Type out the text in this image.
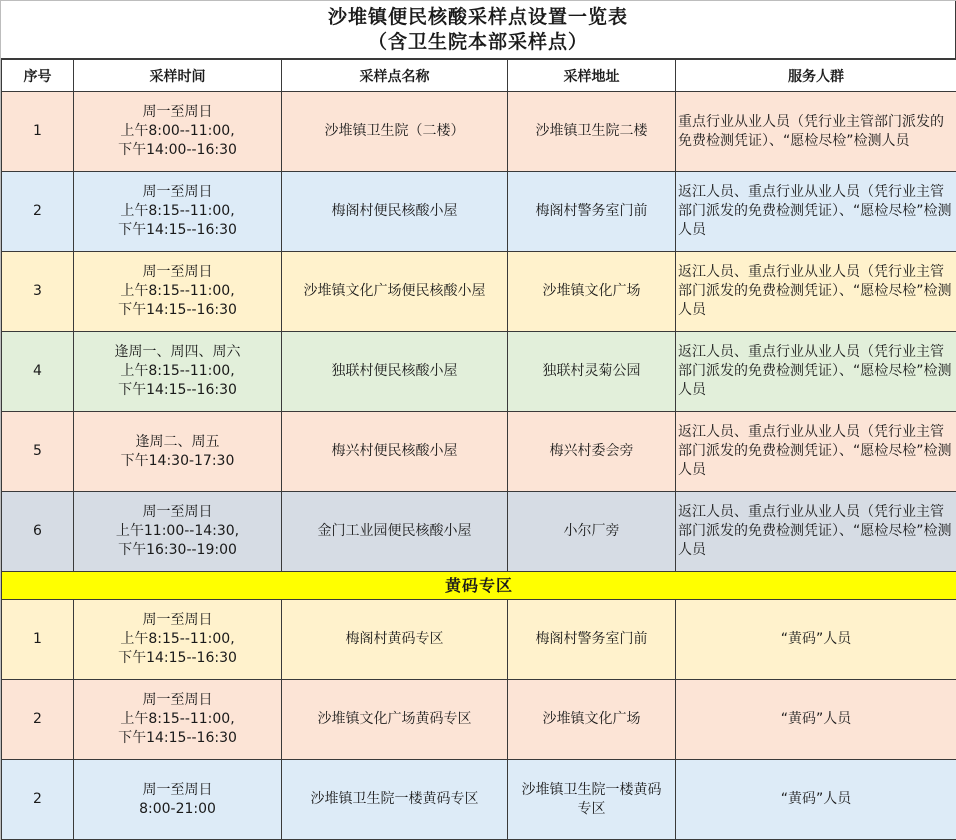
沙堆镇便民核酸采样点设置一览表
（含卫生院本部采样点）
序号	采样时间	采样点名称	采样地址	服务人群
1	周一至周日
上午8:00--11:00,
下午14:00--16:30	沙堆镇卫生院（二楼）	沙堆镇卫生院二楼	重点行业从业人员（凭行业主管部门派发的免费检测凭证）、“愿检尽检”检测人员
2	周一至周日
上午8:15--11:00,
下午14:15--16:30	梅阁村便民核酸小屋	梅阁村警务室门前	返江人员、重点行业从业人员（凭行业主管部门派发的免费检测凭证）、“愿检尽检”检测人员
3	周一至周日
上午8:15--11:00,
下午14:15--16:30	沙堆镇文化广场便民核酸小屋	沙堆镇文化广场	返江人员、重点行业从业人员（凭行业主管部门派发的免费检测凭证）、“愿检尽检”检测人员
4	逢周一、周四、周六
上午8:15--11:00,
下午14:15--16:30	独联村便民核酸小屋	独联村灵菊公园	返江人员、重点行业从业人员（凭行业主管部门派发的免费检测凭证）、“愿检尽检”检测人员
5	逢周二、周五
下午14:30-17:30	梅兴村便民核酸小屋	梅兴村委会旁	返江人员、重点行业从业人员（凭行业主管部门派发的免费检测凭证）、“愿检尽检”检测人员
6	周一至周日
上午11:00--14:30,
下午16:30--19:00	金门工业园便民核酸小屋	小尔厂旁	返江人员、重点行业从业人员（凭行业主管部门派发的免费检测凭证）、“愿检尽检”检测人员
黄码专区				
1	周一至周日
上午8:15--11:00,
下午14:15--16:30	梅阁村黄码专区	梅阁村警务室门前	“黄码”人员
2	周一至周日
上午8:15--11:00,
下午14:15--16:30	沙堆镇文化广场黄码专区	沙堆镇文化广场	“黄码”人员
2	周一至周日
8:00-21:00	沙堆镇卫生院一楼黄码专区	沙堆镇卫生院一楼黄码专区	“黄码”人员
